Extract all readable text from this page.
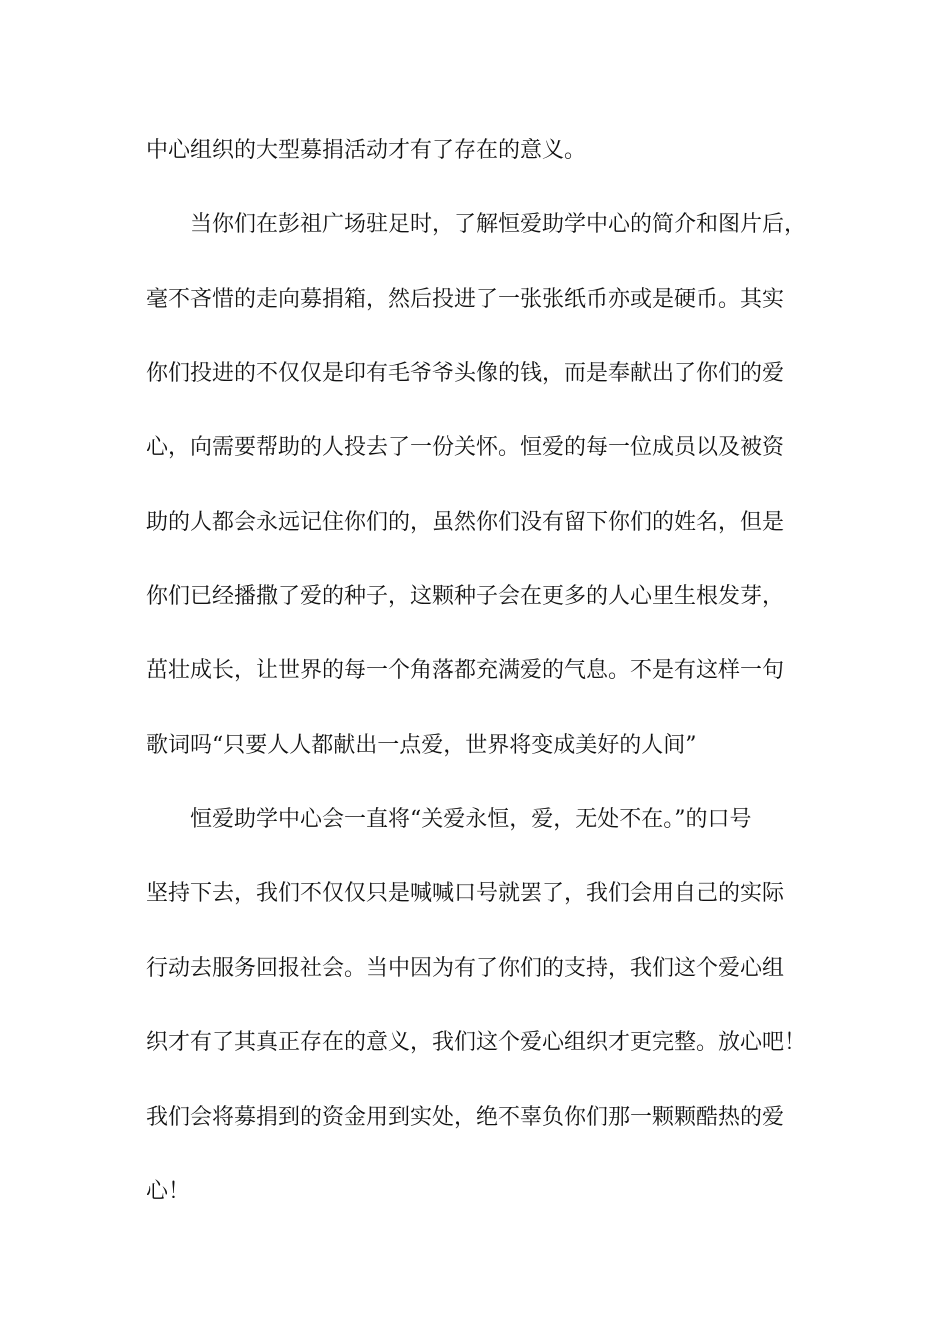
中心组织的大型募捐活动才有了存在的意义。
当你们在彭祖广场驻足时，了解恒爱助学中心的简介和图片后，
毫不吝惜的走向募捐箱，然后投进了一张张纸币亦或是硬币。其实
你们投进的不仅仅是印有毛爷爷头像的钱，而是奉献出了你们的爱
心，向需要帮助的人投去了一份关怀。恒爱的每一位成员以及被资
助的人都会永远记住你们的，虽然你们没有留下你们的姓名，但是
你们已经播撒了爱的种子，这颗种子会在更多的人心里生根发芽，
茁壮成长，让世界的每一个角落都充满爱的气息。不是有这样一句
歌词吗“只要人人都献出一点爱，世界将变成美好的人间”
恒爱助学中心会一直将“关爱永恒，爱，无处不在。”的口号
坚持下去，我们不仅仅只是喊喊口号就罢了，我们会用自己的实际
行动去服务回报社会。当中因为有了你们的支持，我们这个爱心组
织才有了其真正存在的意义，我们这个爱心组织才更完整。放心吧！
我们会将募捐到的资金用到实处，绝不辜负你们那一颗颗酷热的爱
心！
